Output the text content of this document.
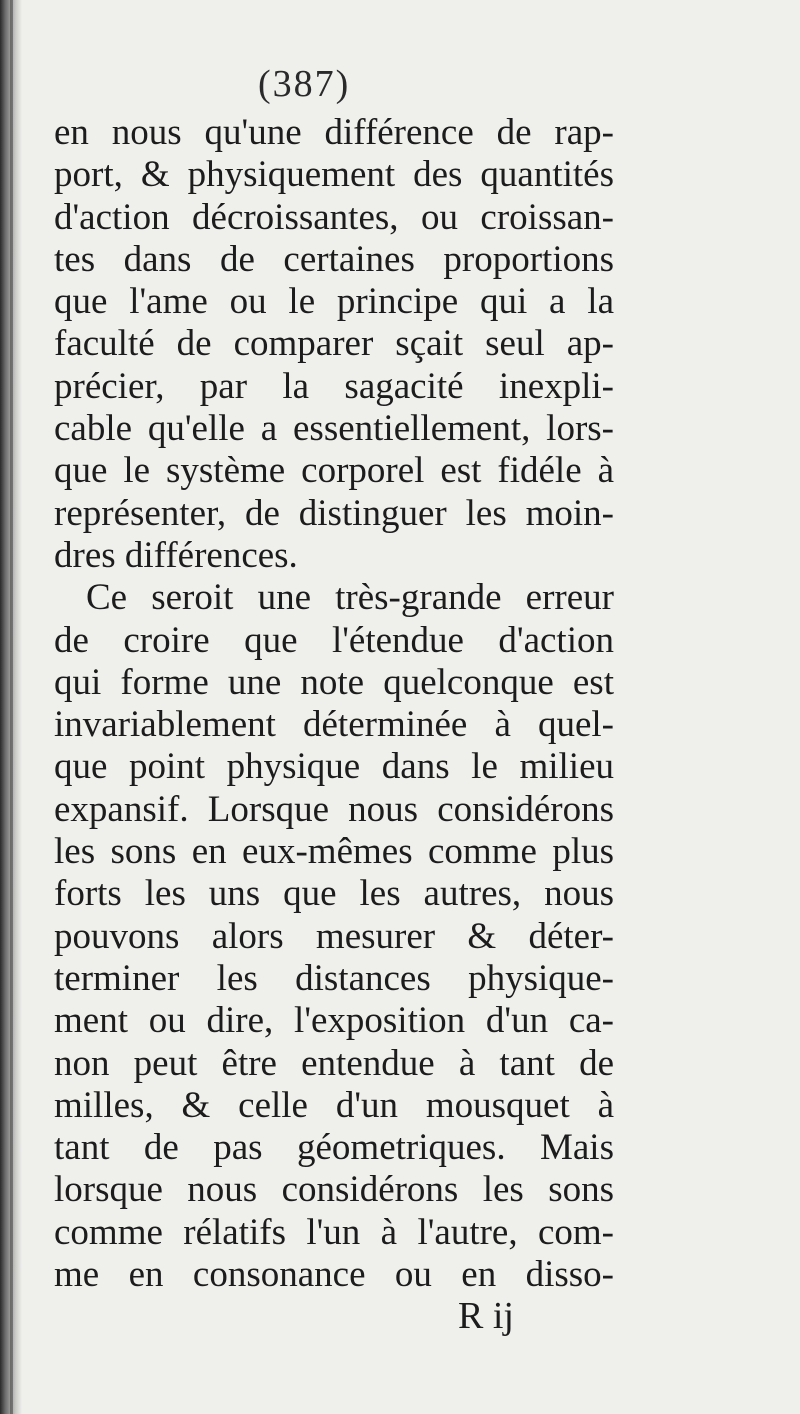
(387)
en nous qu'une différence de rap-
port, & physiquement des quantités
d'action décroissantes, ou croissan-
tes dans de certaines proportions
que l'ame ou le principe qui a la
faculté de comparer sçait seul ap-
précier, par la sagacité inexpli-
cable qu'elle a essentiellement, lors-
que le système corporel est fidéle à
représenter, de distinguer les moin-
dres différences.
Ce seroit une très-grande erreur
de croire que l'étendue d'action
qui forme une note quelconque est
invariablement déterminée à quel-
que point physique dans le milieu
expansif. Lorsque nous considérons
les sons en eux-mêmes comme plus
forts les uns que les autres, nous
pouvons alors mesurer & déter-
terminer les distances physique-
ment ou dire, l'exposition d'un ca-
non peut être entendue à tant de
milles, & celle d'un mousquet à
tant de pas géometriques. Mais
lorsque nous considérons les sons
comme rélatifs l'un à l'autre, com-
me en consonance ou en disso-
R ij
